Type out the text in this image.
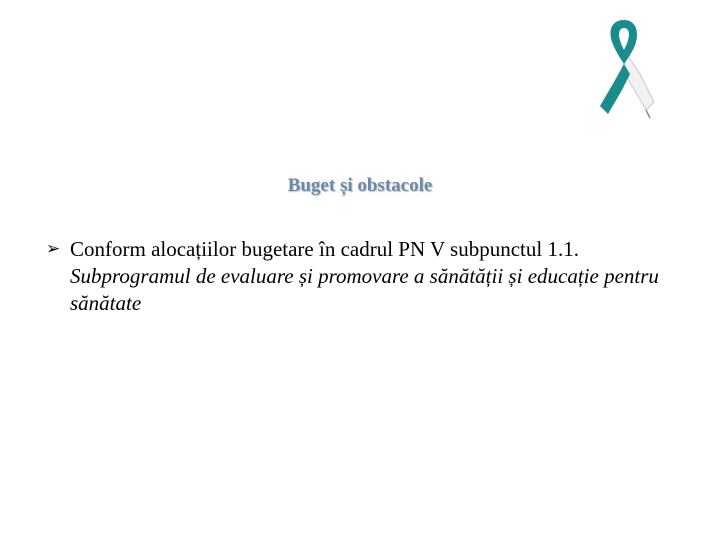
Buget și obstacole
➢ Conform alocațiilor bugetare în cadrul PN V subpunctul 1.1. Subprogramul de evaluare și promovare a sănătății și educație pentru sănătate
